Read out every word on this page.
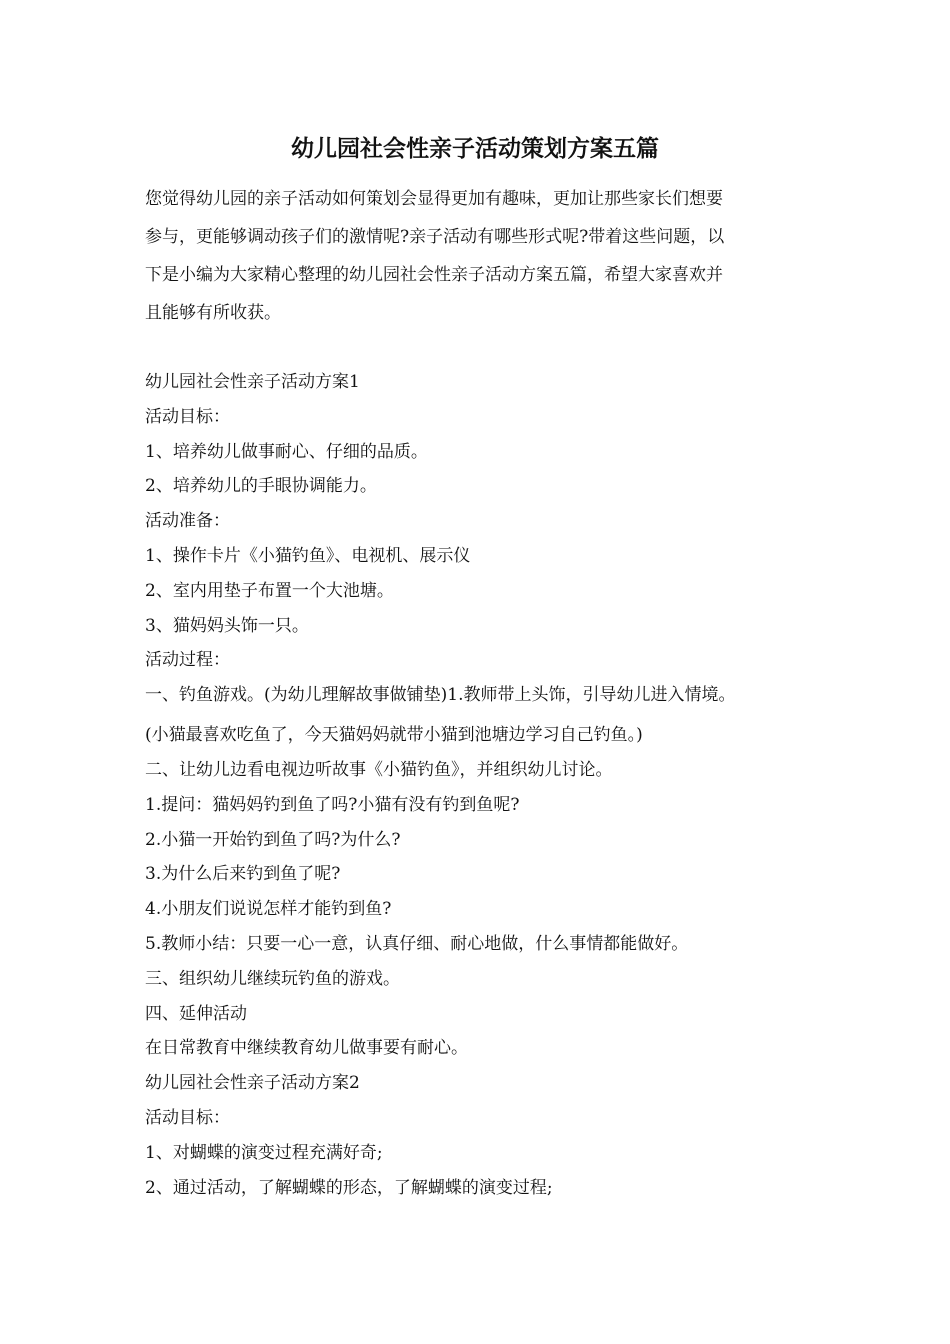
幼儿园社会性亲子活动策划方案五篇
您觉得幼儿园的亲子活动如何策划会显得更加有趣味，更加让那些家长们想要
参与，更能够调动孩子们的激情呢?亲子活动有哪些形式呢?带着这些问题，以
下是小编为大家精心整理的幼儿园社会性亲子活动方案五篇，希望大家喜欢并
且能够有所收获。
幼儿园社会性亲子活动方案1
活动目标：
1、培养幼儿做事耐心、仔细的品质。
2、培养幼儿的手眼协调能力。
活动准备：
1、操作卡片《小猫钓鱼》、电视机、展示仪
2、室内用垫子布置一个大池塘。
3、猫妈妈头饰一只。
活动过程：
一、钓鱼游戏。(为幼儿理解故事做铺垫)1.教师带上头饰，引导幼儿进入情境。
(小猫最喜欢吃鱼了，今天猫妈妈就带小猫到池塘边学习自己钓鱼。)
二、让幼儿边看电视边听故事《小猫钓鱼》，并组织幼儿讨论。
1.提问：猫妈妈钓到鱼了吗?小猫有没有钓到鱼呢?
2.小猫一开始钓到鱼了吗?为什么?
3.为什么后来钓到鱼了呢?
4.小朋友们说说怎样才能钓到鱼?
5.教师小结：只要一心一意，认真仔细、耐心地做，什么事情都能做好。
三、组织幼儿继续玩钓鱼的游戏。
四、延伸活动
在日常教育中继续教育幼儿做事要有耐心。
幼儿园社会性亲子活动方案2
活动目标：
1、对蝴蝶的演变过程充满好奇;
2、通过活动，了解蝴蝶的形态，了解蝴蝶的演变过程;
